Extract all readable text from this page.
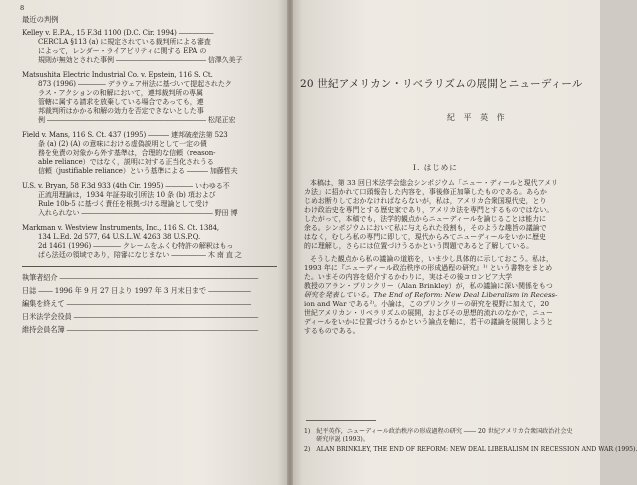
8
最近の判例
Kelley v. E.P.A., 15 F.3d 1100 (D.C. Cir. 1994) ―――――
CERCLA §113 (a) に規定されている裁判所による審査
によって，レンダー・ライアビリティに関する EPA の
規則が無効とされた事例 ――――――――――――― 信澤久美子
Matsushita Electric Industrial Co. v. Epstein, 116 S. Ct.
873 (1996) ―――― デラウェア州法に基づいて提起されたク
ラス・アクションの和解において，連邦裁判所の専属
管轄に属する請求を放棄している場合であっても，連
邦裁判所はかかる和解の効力を否定できないとした事
例 ――――――――――――――――――――――― 松尾正宏
Field v. Mans, 116 S. Ct. 437 (1995) ――― 連邦破産法第 523
条 (a) (2) (A) の意味における虚偽説明として一定の債
務を免責の対象から外す基準は，合理的な信頼（reason-
able reliance）ではなく，説明に対する正当化されうる
信頼（justifiable reliance）という基準による ――― 加藤哲夫
U.S. v. Bryan, 58 F.3d 933 (4th Cir. 1995) ―――― いわゆる不
正流用理論は，1934 年証券取引所法 10 条 (b) 項および
Rule 10b-5 に基づく責任を根拠づける理論として受け
入れられない ――――――――――――――――――― 野田 博
Markman v. Westview Instruments, Inc., 116 S. Ct. 1384,
134 L.Ed. 2d 577, 64 U.S.L.W. 4263 38 U.S.P.Q.
2d 1461 (1996) ―――― クレームをふくむ特許の解釈はもっ
ぱら法廷の領域であり，陪審になじまない ――――― 木 南 直 之
執筆者紹介 ――――――――――――――――――――――――――――
日誌 ―― 1996 年 9 月 27 日より 1997 年 3 月末日まで ――――――
編集を終えて ――――――――――――――――――――――――――
日米法学会役員 ――――――――――――――――――――――――――
維持会員名簿 ―――――――――――――――――――――――――――
20 世紀アメリカン・リベラリズムの展開とニューディール
紀 平 英 作
I. はじめに
本稿は，第 33 回日米法学会総会シンポジウム「ニュー・ディールと現代アメリ
カ法」に招かれて口頭報告した内容を，事後修正加筆したものである。あらか
じめお断りしておかなければならないが，私は，アメリカ合衆国現代史，とり
わけ政治史を専門とする歴史家であり，アメリカ法を専門とするものではない。
したがって，本稿でも，法学的観点からニューディールを論じることは能力に
余る。シンポジウムにおいて私に与えられた役割も，そのような趣旨の議論で
はなく，むしろ私の専門に即して，現代からみてニューディールをいかに歴史
的に理解し，さらには位置づけうるかという問題であると了解している。
そうした観点から私の議論の道筋を，いま少し具体的に示しておこう。私は，
1993 年に『ニューディール政治秩序の形成過程の研究』¹⁾ という書物をまとめ
た。いまその内容を紹介するかわりに，実はその後コロンビア大学
教授のアラン・ブリンクリー（Alan Brinkley）が，私の議論に深い関係をもつ
研究を発表している。The End of Reform: New Deal Liberalism in Recess-
ion and War である²⁾。小論は，このブリンクリーの研究を視野に加えて，20
世紀アメリカン・リベラリズムの展開，およびその思想的流れのなかで，ニュー
ディールをいかに位置づけうるかという論点を軸に，若干の議論を展開しようと
するものである。
1)　紀平英作，ニューディール政治秩序の形成過程の研究 ―― 20 世紀アメリカ合衆国政治社会史
　　研究序説 (1993)。
2)　ALAN BRINKLEY, THE END OF REFORM: NEW DEAL LIBERALISM IN RECESSION AND WAR (1995).
